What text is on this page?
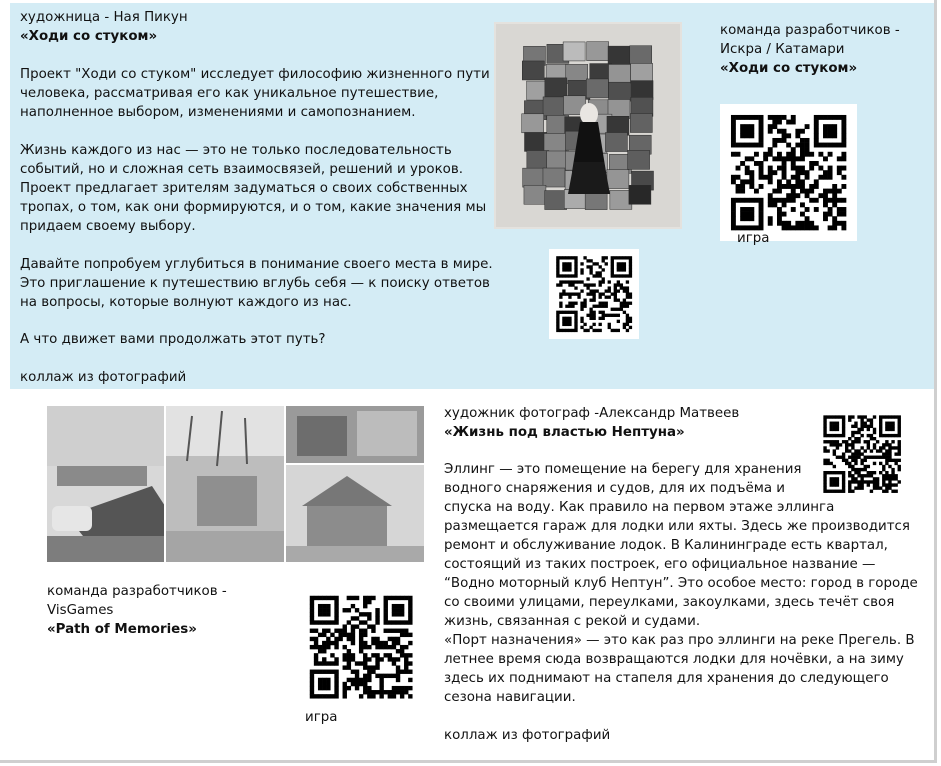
художница - Ная Пикун
«Ходи со стуком»
Проект "Ходи со стуком" исследует философию жизненного пути
человека, рассматривая его как уникальное путешествие,
наполненное выбором, изменениями и самопознанием.
Жизнь каждого из нас — это не только последовательность
событий, но и сложная сеть взаимосвязей, решений и уроков.
Проект предлагает зрителям задуматься о своих собственных
тропах, о том, как они формируются, и о том, какие значения мы
придаем своему выбору.
Давайте попробуем углубиться в понимание своего места в мире.
Это приглашение к путешествию вглубь себя — к поиску ответов
на вопросы, которые волнуют каждого из нас.
А что движет вами продолжать этот путь?
коллаж из фотографий
команда разработчиков -
Искра / Катамари
«Ходи со стуком»
игра
команда разработчиков -
VisGames
«Path of Memories»
игра
художник фотограф -Александр Матвеев
«Жизнь под властью Нептуна»
Эллинг — это помещение на берегу для хранения
водного снаряжения и судов, для их подъёма и
спуска на воду. Как правило на первом этаже эллинга
размещается гараж для лодки или яхты. Здесь же производится
ремонт и обслуживание лодок. В Калининграде есть квартал,
состоящий из таких построек, его официальное название —
“Водно моторный клуб Нептун”. Это особое место: город в городе
со своими улицами, переулками, закоулками, здесь течёт своя
жизнь, связанная с рекой и судами.
«Порт назначения» — это как раз про эллинги на реке Прегель. В
летнее время сюда возвращаются лодки для ночёвки, а на зиму
здесь их поднимают на стапеля для хранения до следующего
сезона навигации.
коллаж из фотографий
